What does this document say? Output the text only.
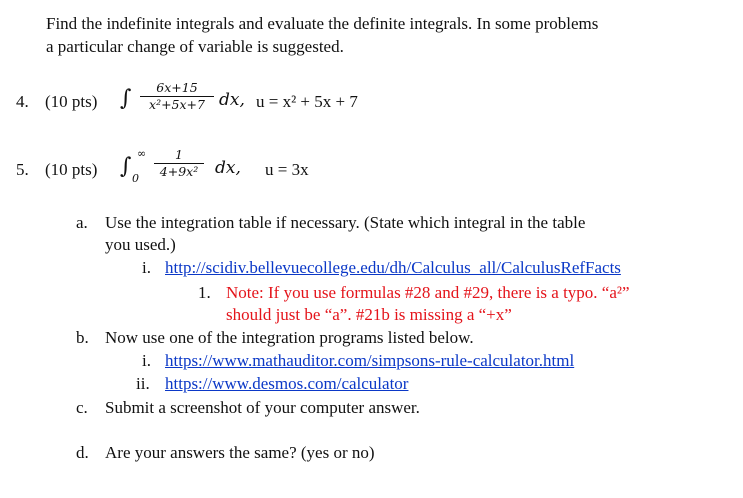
Find the indefinite integrals and evaluate the definite integrals. In some problems
a particular change of variable is suggested.
4. (10 pts) ∫	6x+15
x²+5x+7 dx, u = x² + 5x + 7
5. (10 pts) ∫
∞
0
1
4+9x² dx, u = 3x
a. Use the integration table if necessary. (State which integral in the table
you used.)
i. http://scidiv.bellevuecollege.edu/dh/Calculus_all/CalculusRefFacts
1. Note: If you use formulas #28 and #29, there is a typo. “a²”
should just be “a”. #21b is missing a “+x”
b. Now use one of the integration programs listed below.
i. https://www.mathauditor.com/simpsons-rule-calculator.html
ii. https://www.desmos.com/calculator
c. Submit a screenshot of your computer answer.
d. Are your answers the same? (yes or no)
